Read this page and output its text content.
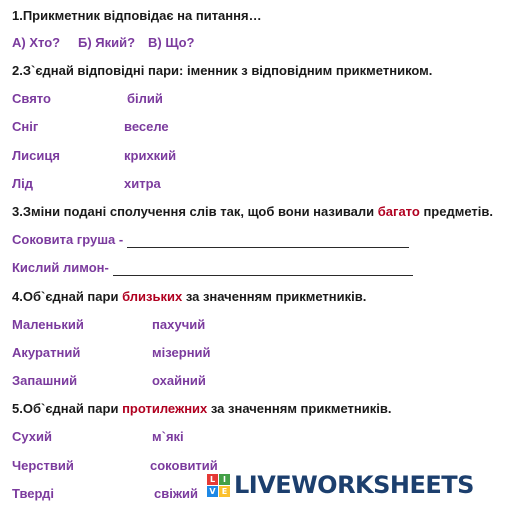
1.Прикметник відповідає на питання…
А) Хто? Б) Який? В) Що?
2.З`єднай відповідні пари: іменник з відповідним прикметником.
Свято	білий
Сніг	веселе
Лисиця	крихкий
Лід	хитра
3.Зміни подані сполучення слів так, щоб вони називали багато предметів.
Соковита груша -
Кислий лимон-
4.Об`єднай пари близьких за значенням прикметників.
Маленький	пахучий
Акуратний	мізерний
Запашний	охайний
5.Об`єднай пари протилежних за значенням прикметників.
Сухий	м`які
Черствий	соковитий
Тверді	свіжий
L I
V E LIVEWORKSHEETS
